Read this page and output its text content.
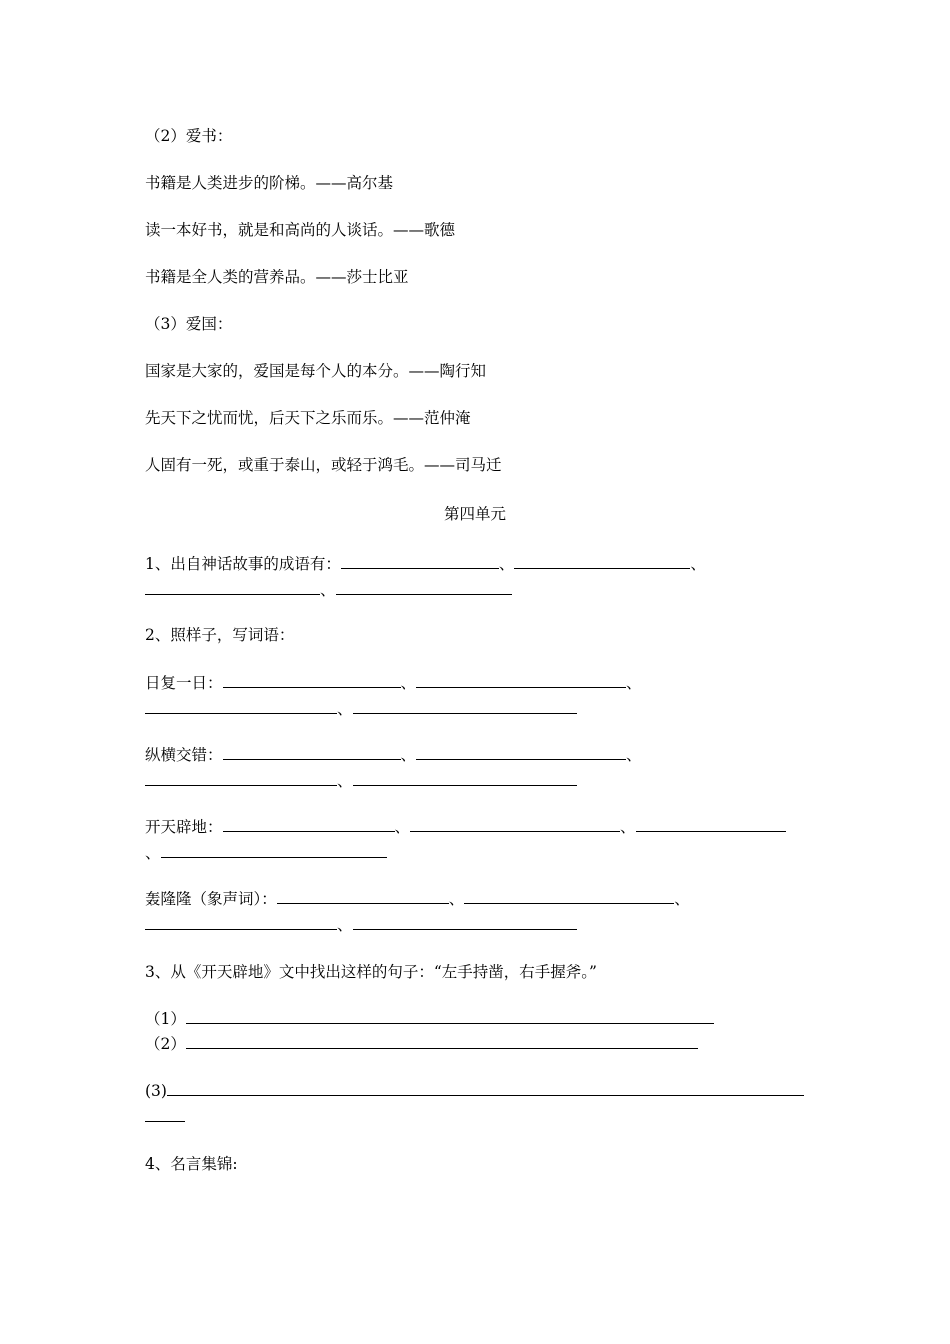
（2）爱书：
书籍是人类进步的阶梯。——高尔基
读一本好书，就是和高尚的人谈话。——歌德
书籍是全人类的营养品。——莎士比亚
（3）爱国：
国家是大家的，爱国是每个人的本分。——陶行知
先天下之忧而忧，后天下之乐而乐。——范仲淹
人固有一死，或重于泰山，或轻于鸿毛。——司马迁
第四单元
1、出自神话故事的成语有：	、	、
、
2、照样子，写词语：
日复一日：	、	、
、
纵横交错：	、	、
、
开天辟地：	、	、
、
轰隆隆（象声词）：	、	、
、
3、从《开天辟地》文中找出这样的句子：“左手持凿，右手握斧。”
（1）
（2）
(3)
4、名言集锦:
